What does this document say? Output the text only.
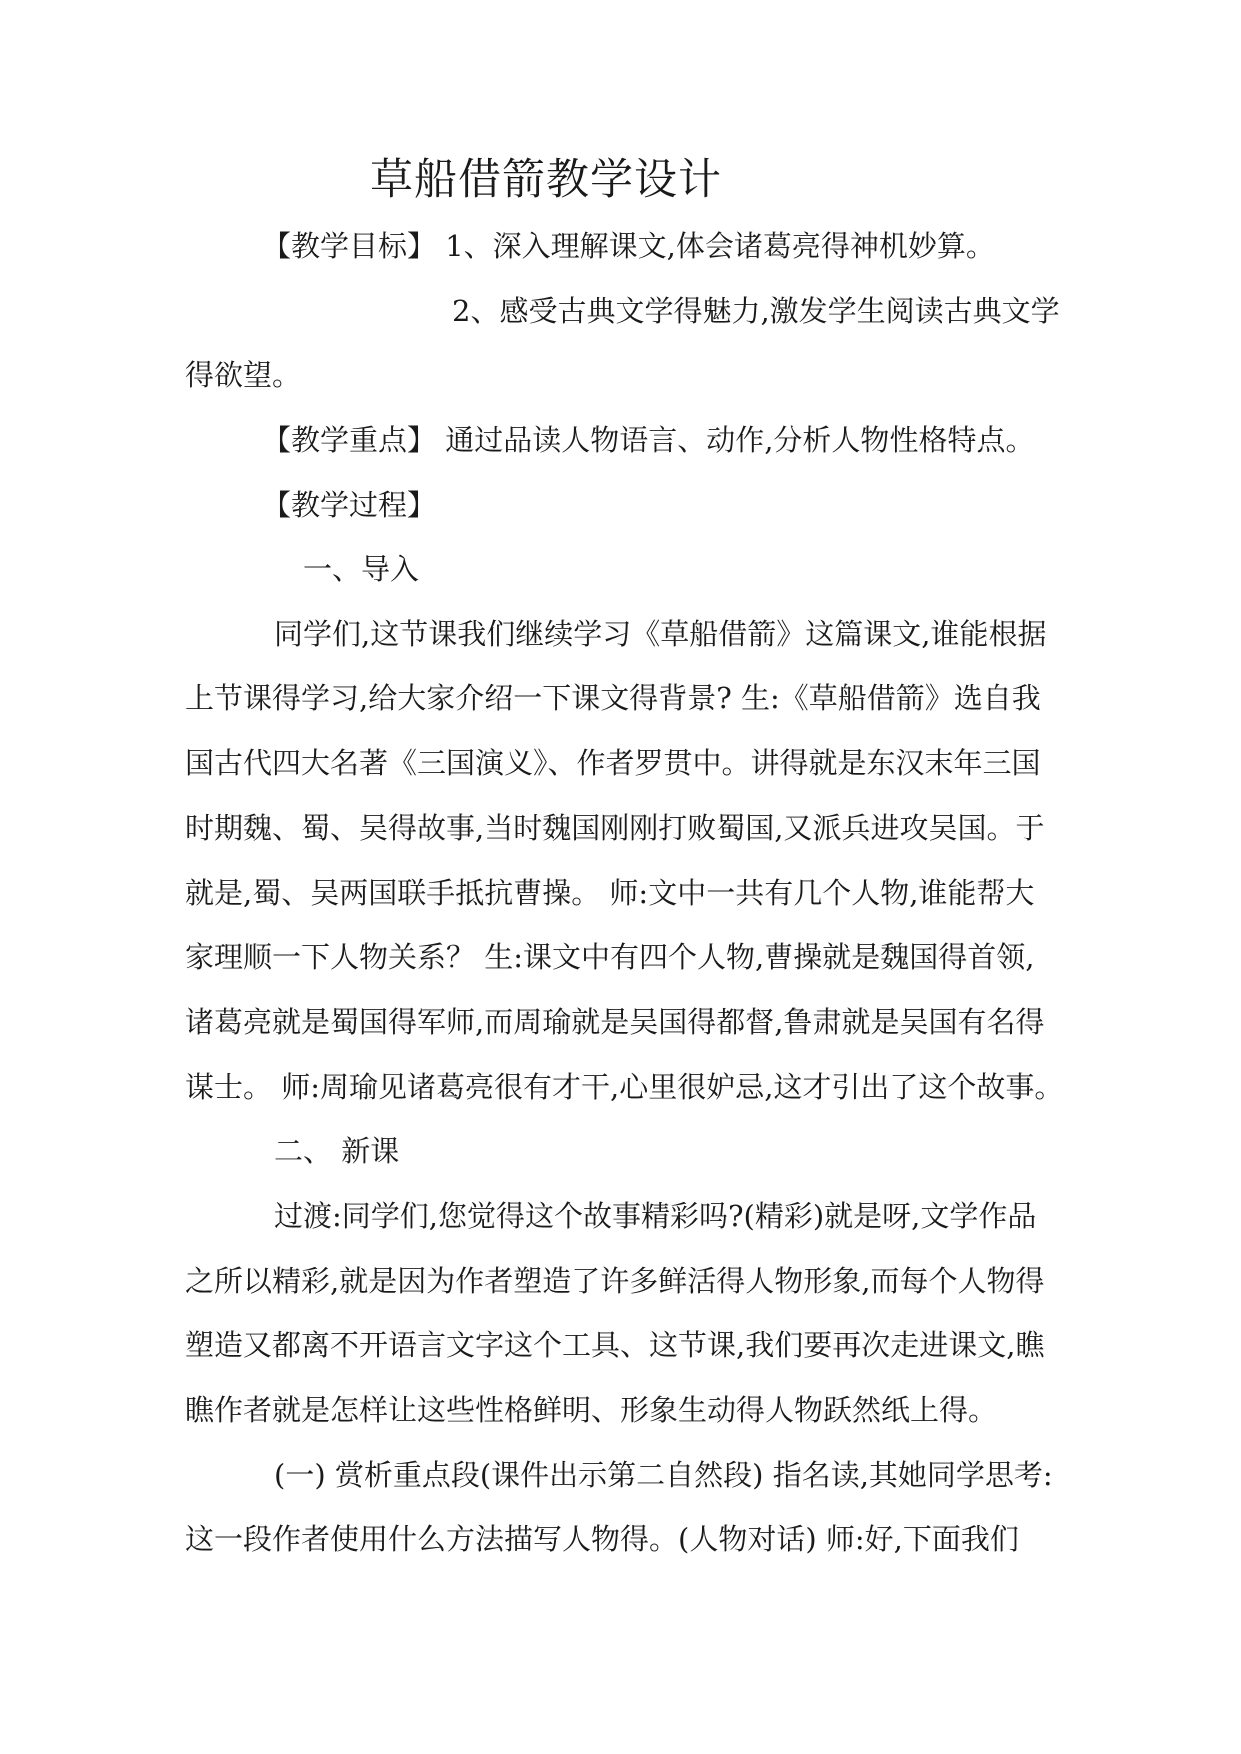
草船借箭教学设计
【教学目标】 1、深入理解课文,体会诸葛亮得神机妙算。
2、感受古典文学得魅力,激发学生阅读古典文学
得欲望。
【教学重点】 通过品读人物语言、动作,分析人物性格特点。
【教学过程】
一、导入
同学们,这节课我们继续学习《草船借箭》这篇课文,谁能根据
上节课得学习,给大家介绍一下课文得背景? 生:《草船借箭》选自我
国古代四大名著《三国演义》、作者罗贯中。讲得就是东汉末年三国
时期魏、蜀、吴得故事,当时魏国刚刚打败蜀国,又派兵进攻吴国。于
就是,蜀、吴两国联手抵抗曹操。 师:文中一共有几个人物,谁能帮大
家理顺一下人物关系？ 生:课文中有四个人物,曹操就是魏国得首领,
诸葛亮就是蜀国得军师,而周瑜就是吴国得都督,鲁肃就是吴国有名得
谋士。 师:周瑜见诸葛亮很有才干,心里很妒忌,这才引出了这个故事。
二、 新课
过渡:同学们,您觉得这个故事精彩吗?(精彩)就是呀,文学作品
之所以精彩,就是因为作者塑造了许多鲜活得人物形象,而每个人物得
塑造又都离不开语言文字这个工具、这节课,我们要再次走进课文,瞧
瞧作者就是怎样让这些性格鲜明、形象生动得人物跃然纸上得。
(一) 赏析重点段(课件出示第二自然段) 指名读,其她同学思考:
这一段作者使用什么方法描写人物得。(人物对话) 师:好,下面我们
